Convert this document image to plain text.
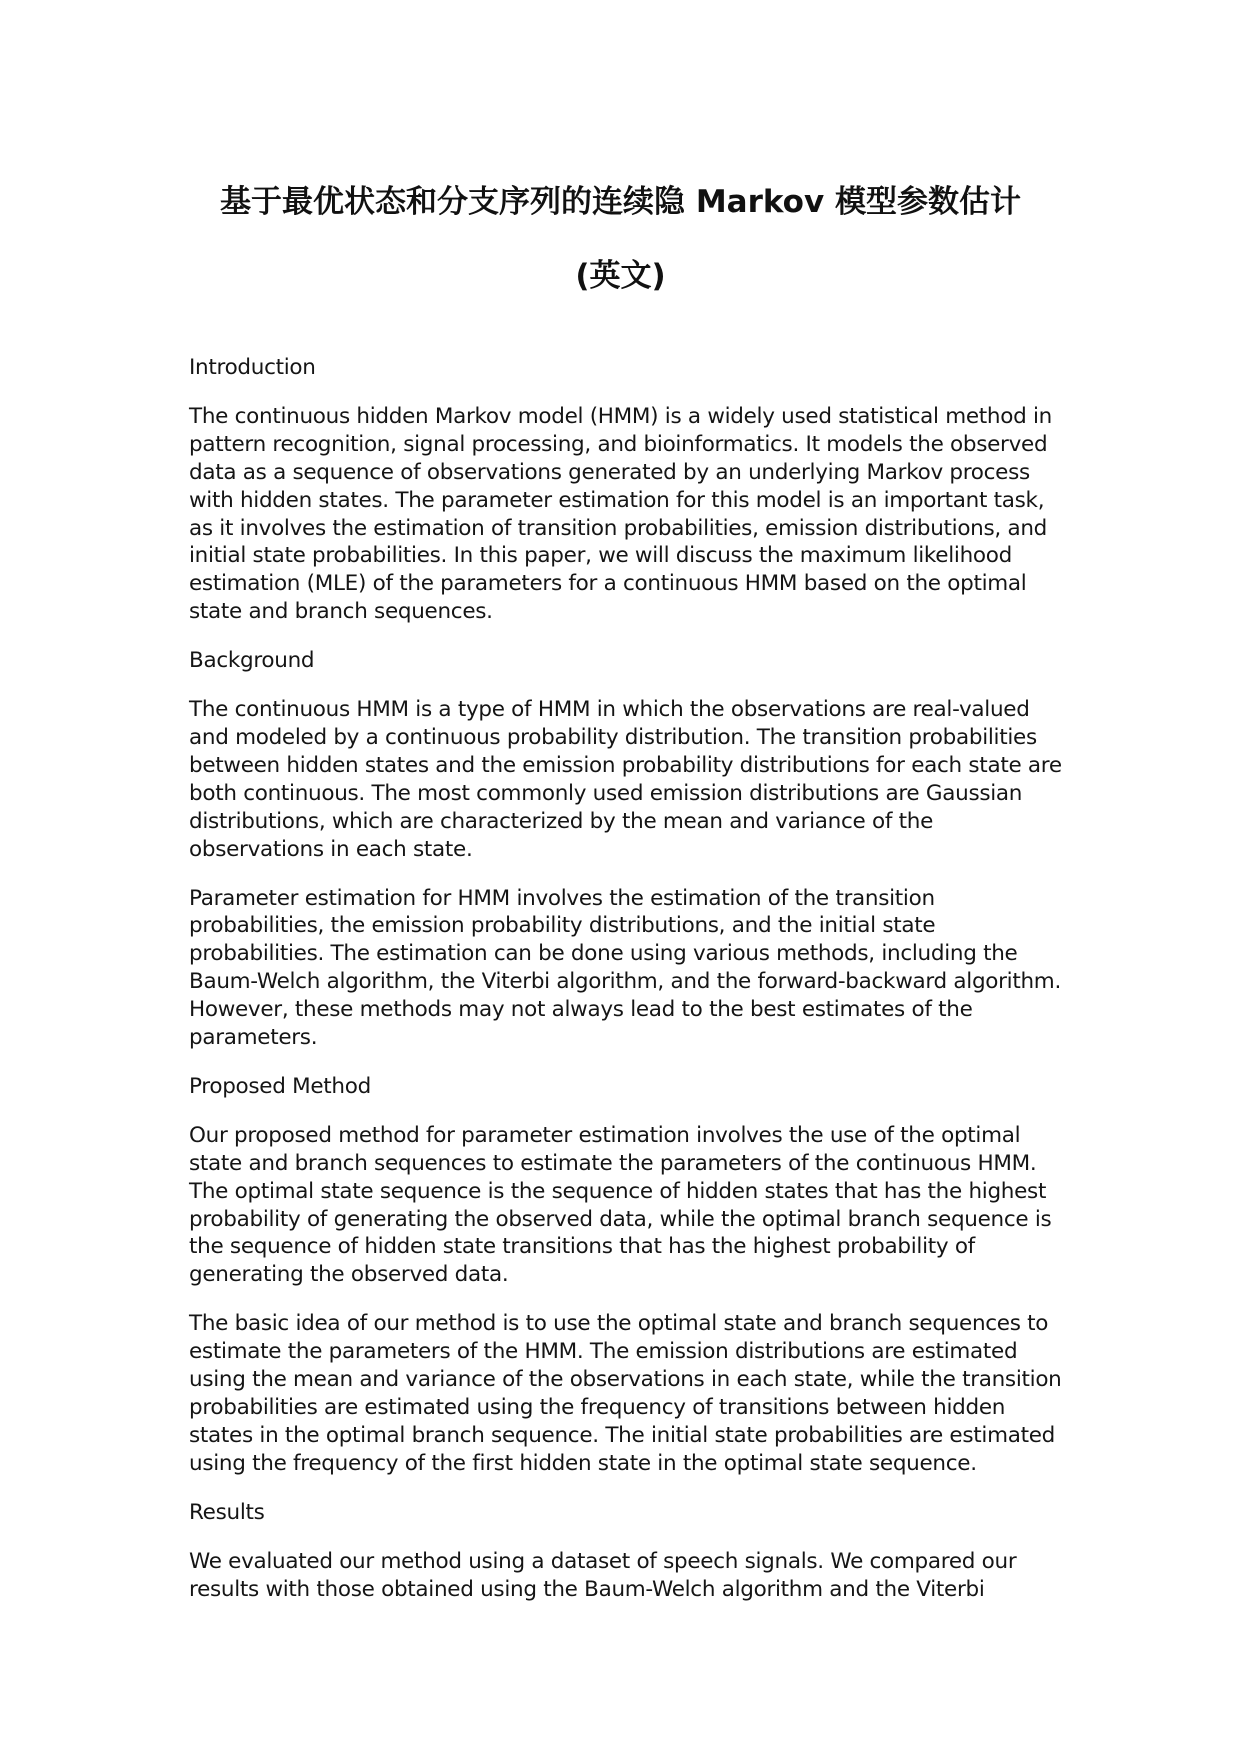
基于最优状态和分支序列的连续隐 Markov 模型参数估计
(英文)

Introduction

The continuous hidden Markov model (HMM) is a widely used statistical method in pattern recognition, signal processing, and bioinformatics. It models the observed data as a sequence of observations generated by an underlying Markov process with hidden states. The parameter estimation for this model is an important task, as it involves the estimation of transition probabilities, emission distributions, and initial state probabilities. In this paper, we will discuss the maximum likelihood estimation (MLE) of the parameters for a continuous HMM based on the optimal state and branch sequences.

Background

The continuous HMM is a type of HMM in which the observations are real-valued and modeled by a continuous probability distribution. The transition probabilities between hidden states and the emission probability distributions for each state are both continuous. The most commonly used emission distributions are Gaussian distributions, which are characterized by the mean and variance of the observations in each state.

Parameter estimation for HMM involves the estimation of the transition probabilities, the emission probability distributions, and the initial state probabilities. The estimation can be done using various methods, including the Baum-Welch algorithm, the Viterbi algorithm, and the forward-backward algorithm. However, these methods may not always lead to the best estimates of the parameters.

Proposed Method

Our proposed method for parameter estimation involves the use of the optimal state and branch sequences to estimate the parameters of the continuous HMM. The optimal state sequence is the sequence of hidden states that has the highest probability of generating the observed data, while the optimal branch sequence is the sequence of hidden state transitions that has the highest probability of generating the observed data.

The basic idea of our method is to use the optimal state and branch sequences to estimate the parameters of the HMM. The emission distributions are estimated using the mean and variance of the observations in each state, while the transition probabilities are estimated using the frequency of transitions between hidden states in the optimal branch sequence. The initial state probabilities are estimated using the frequency of the first hidden state in the optimal state sequence.

Results

We evaluated our method using a dataset of speech signals. We compared our results with those obtained using the Baum-Welch algorithm and the Viterbi
